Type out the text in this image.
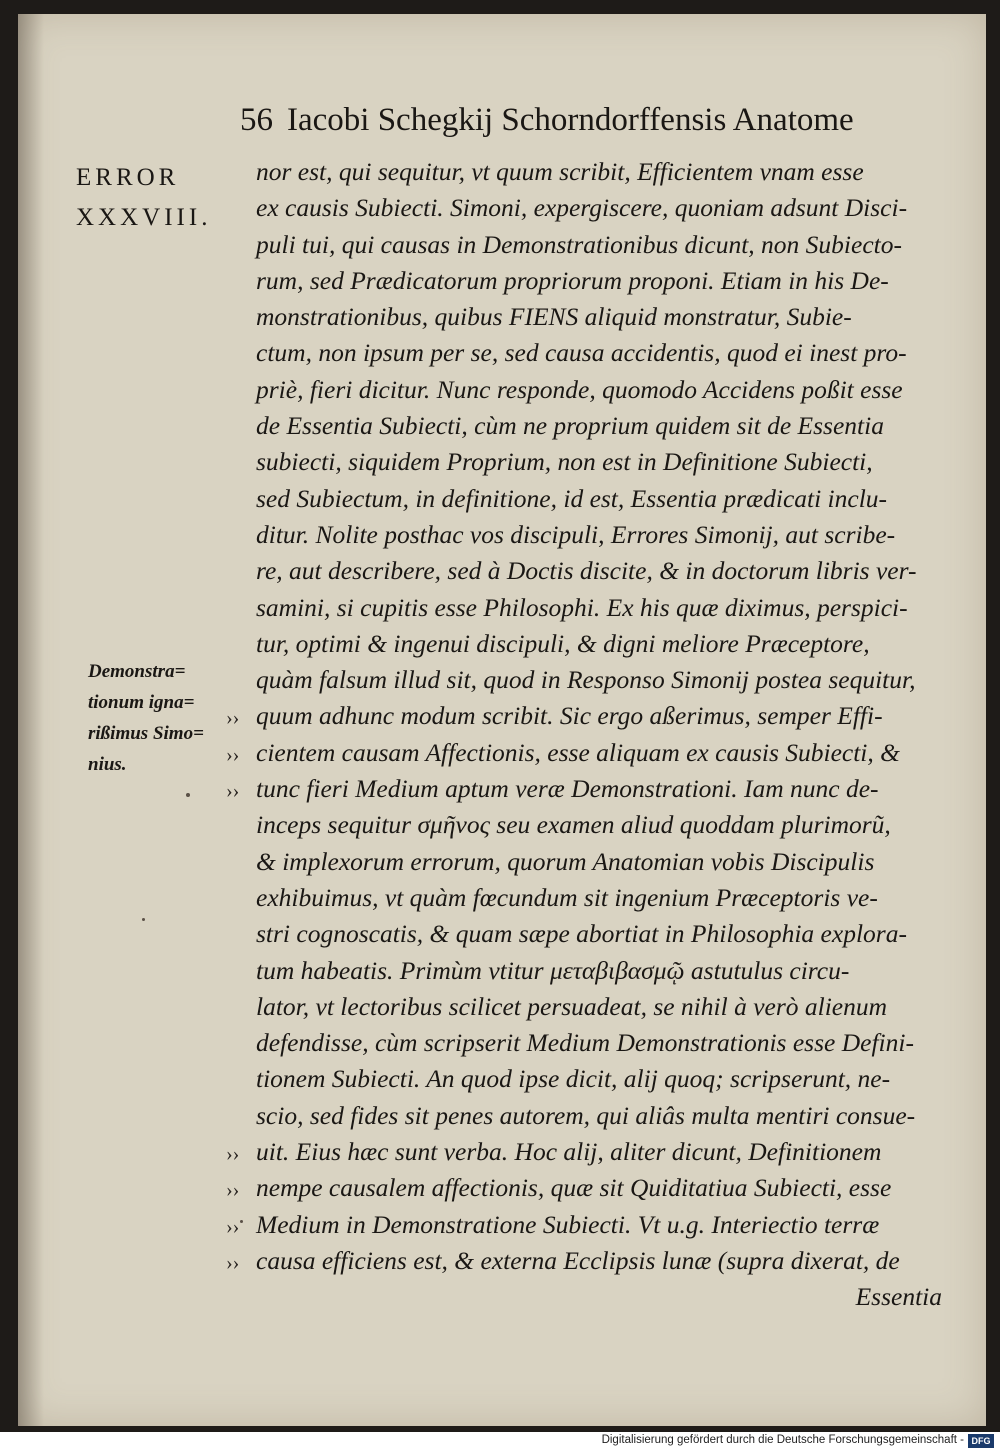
56 Iacobi Schegkij Schorndorffensis Anatome
ERROR
XXXVIII.
Demonstra=
tionum igna=
rißimus Simo=
nius.
nor est, qui sequitur, vt quum scribit, Efficientem vnam esse
ex causis Subiecti. Simoni, expergiscere, quoniam adsunt Disci-
puli tui, qui causas in Demonstrationibus dicunt, non Subiecto-
rum, sed Prædicatorum propriorum proponi. Etiam in his De-
monstrationibus, quibus FIENS aliquid monstratur, Subie-
ctum, non ipsum per se, sed causa accidentis, quod ei inest pro-
priè, fieri dicitur. Nunc responde, quomodo Accidens poßit esse
de Essentia Subiecti, cùm ne proprium quidem sit de Essentia
subiecti, siquidem Proprium, non est in Definitione Subiecti,
sed Subiectum, in definitione, id est, Essentia prædicati inclu-
ditur. Nolite posthac vos discipuli, Errores Simonij, aut scribe-
re, aut describere, sed à Doctis discite, & in doctorum libris ver-
samini, si cupitis esse Philosophi. Ex his quæ diximus, perspici-
tur, optimi & ingenui discipuli, & digni meliore Præceptore,
quàm falsum illud sit, quod in Responso Simonij postea sequitur,
›› quum adhunc modum scribit. Sic ergo aßerimus, semper Effi-
›› cientem causam Affectionis, esse aliquam ex causis Subiecti, &
›› tunc fieri Medium aptum veræ Demonstrationi. Iam nunc de-
inceps sequitur σμῆνος seu examen aliud quoddam plurimorũ,
& implexorum errorum, quorum Anatomian vobis Discipulis
exhibuimus, vt quàm fœcundum sit ingenium Præceptoris ve-
stri cognoscatis, & quam sæpe abortiat in Philosophia explora-
tum habeatis. Primùm vtitur μεταβιβασμῷ astutulus circu-
lator, vt lectoribus scilicet persuadeat, se nihil à verò alienum
defendisse, cùm scripserit Medium Demonstrationis esse Defini-
tionem Subiecti. An quod ipse dicit, alij quoq; scripserunt, ne-
scio, sed fides sit penes autorem, qui aliâs multa mentiri consue-
›› uit. Eius hæc sunt verba. Hoc alij, aliter dicunt, Definitionem
›› nempe causalem affectionis, quæ sit Quiditatiua Subiecti, esse
›› Medium in Demonstratione Subiecti. Vt u.g. Interiectio terræ
›› causa efficiens est, & externa Ecclipsis lunæ (supra dixerat, de
Essentia
Digitalisierung gefördert durch die Deutsche Forschungsgemeinschaft - DFG
